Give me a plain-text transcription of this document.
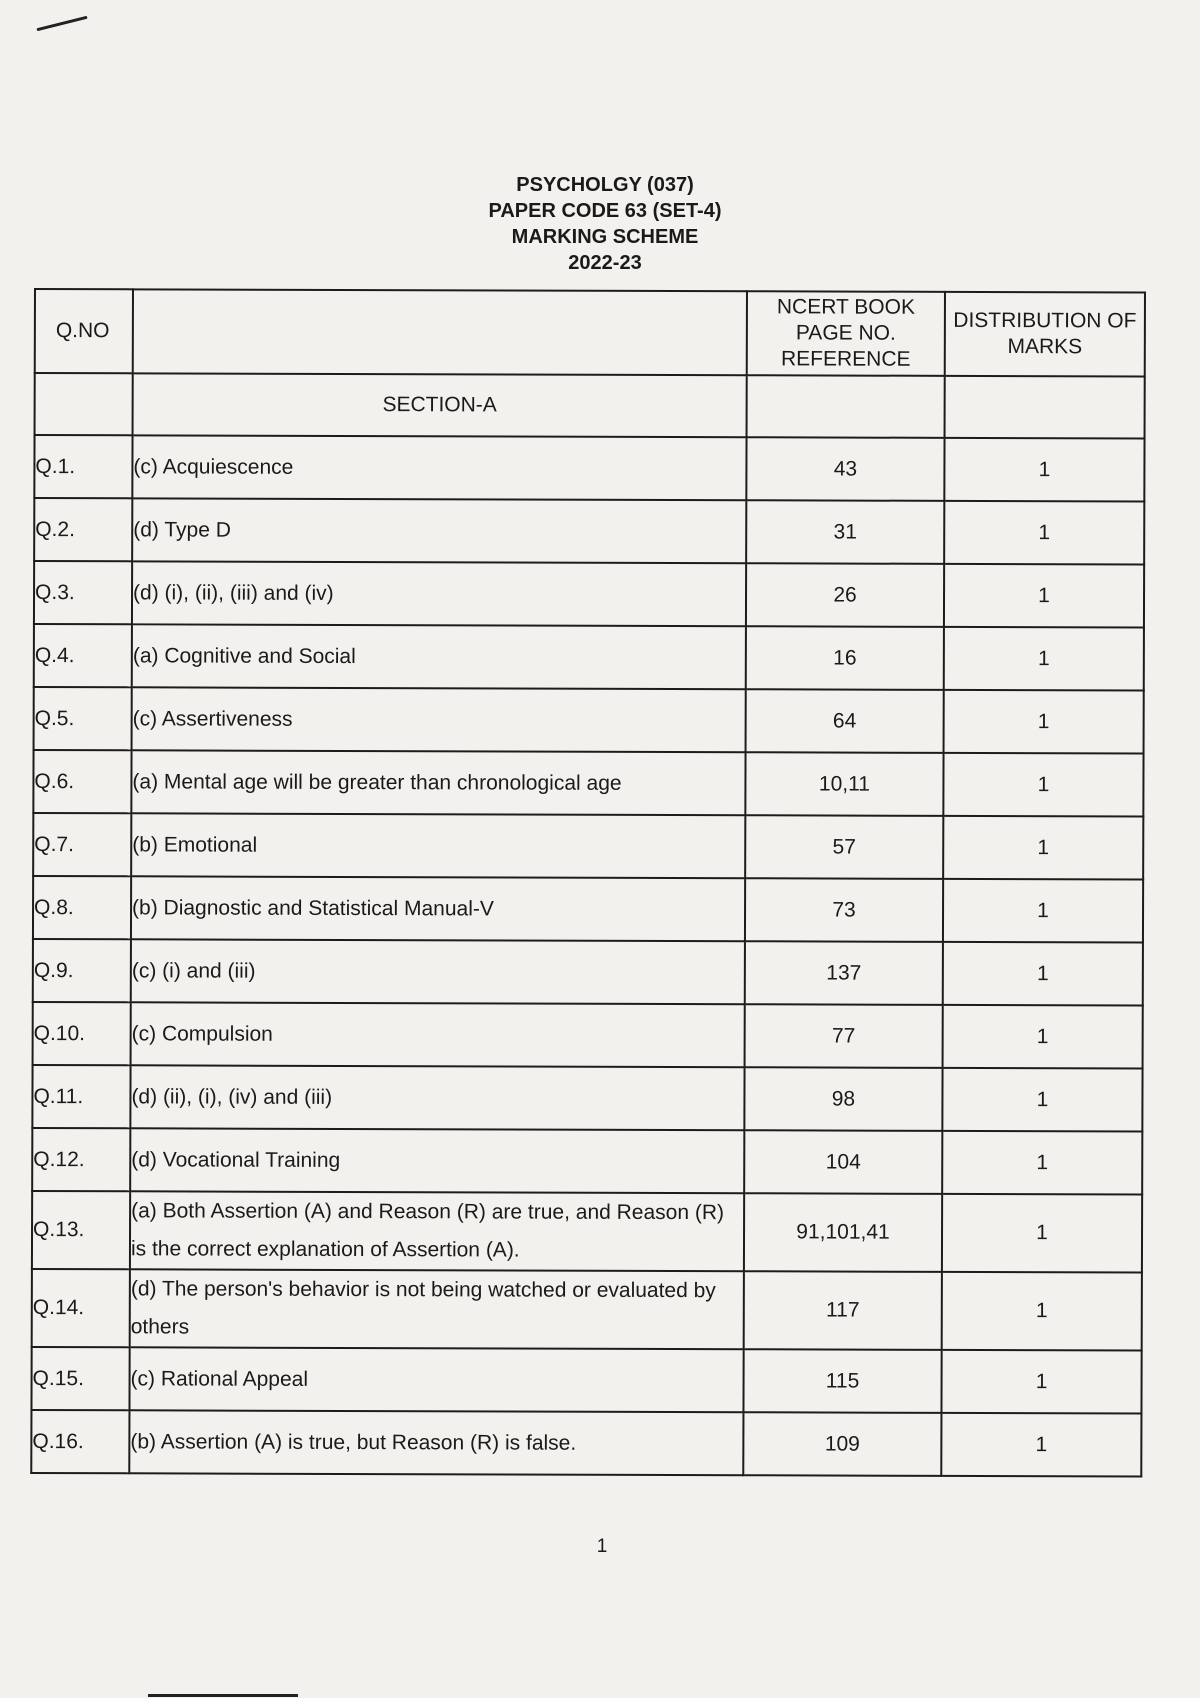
PSYCHOLGY (037)
PAPER CODE 63 (SET-4)
MARKING SCHEME
2022-23
Q.NO		NCERT BOOK PAGE NO. REFERENCE	DISTRIBUTION OF MARKS
	SECTION-A		
Q.1.	(c) Acquiescence	43	1
Q.2.	(d) Type D	31	1
Q.3.	(d) (i), (ii), (iii) and (iv)	26	1
Q.4.	(a) Cognitive and Social	16	1
Q.5.	(c) Assertiveness	64	1
Q.6.	(a) Mental age will be greater than chronological age	10,11	1
Q.7.	(b) Emotional	57	1
Q.8.	(b) Diagnostic and Statistical Manual-V	73	1
Q.9.	(c) (i) and (iii)	137	1
Q.10.	(c) Compulsion	77	1
Q.11.	(d) (ii), (i), (iv) and (iii)	98	1
Q.12.	(d) Vocational Training	104	1
Q.13.	(a) Both Assertion (A) and Reason (R) are true, and Reason (R) is the correct explanation of Assertion (A).	91,101,41	1
Q.14.	(d) The person's behavior is not being watched or evaluated by others	117	1
Q.15.	(c) Rational Appeal	115	1
Q.16.	(b) Assertion (A) is true, but Reason (R) is false.	109	1
1
